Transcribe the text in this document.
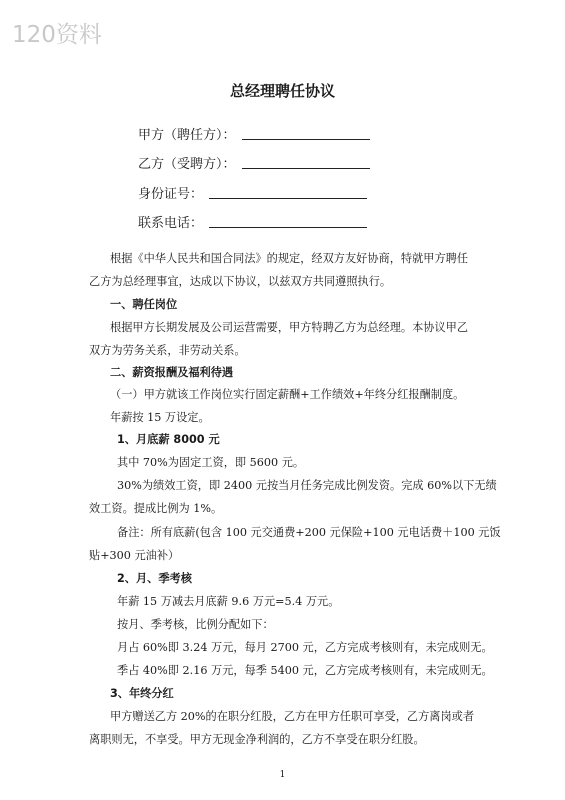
120资料
总经理聘任协议
甲方（聘任方）：
乙方（受聘方）：
身份证号：
联系电话：
根据《中华人民共和国合同法》的规定，经双方友好协商，特就甲方聘任
乙方为总经理事宜，达成以下协议，以兹双方共同遵照执行。
一、聘任岗位
根据甲方长期发展及公司运营需要，甲方特聘乙方为总经理。本协议甲乙
双方为劳务关系，非劳动关系。
二、薪资报酬及福利待遇
（一）甲方就该工作岗位实行固定薪酬+工作绩效+年终分红报酬制度。
年薪按 15 万设定。
1、月底薪 8000 元
其中 70%为固定工资，即 5600 元。
30%为绩效工资，即 2400 元按当月任务完成比例发资。完成 60%以下无绩
效工资。提成比例为 1%。
备注：所有底薪(包含 100 元交通费+200 元保险+100 元电话费＋100 元饭
贴+300 元油补）
2、月、季考核
年薪 15 万减去月底薪 9.6 万元=5.4 万元。
按月、季考核，比例分配如下：
月占 60%即 3.24 万元，每月 2700 元，乙方完成考核则有，未完成则无。
季占 40%即 2.16 万元，每季 5400 元，乙方完成考核则有，未完成则无。
3、年终分红
甲方赠送乙方 20%的在职分红股，乙方在甲方任职可享受，乙方离岗或者
离职则无，不享受。甲方无现金净利润的，乙方不享受在职分红股。
1
